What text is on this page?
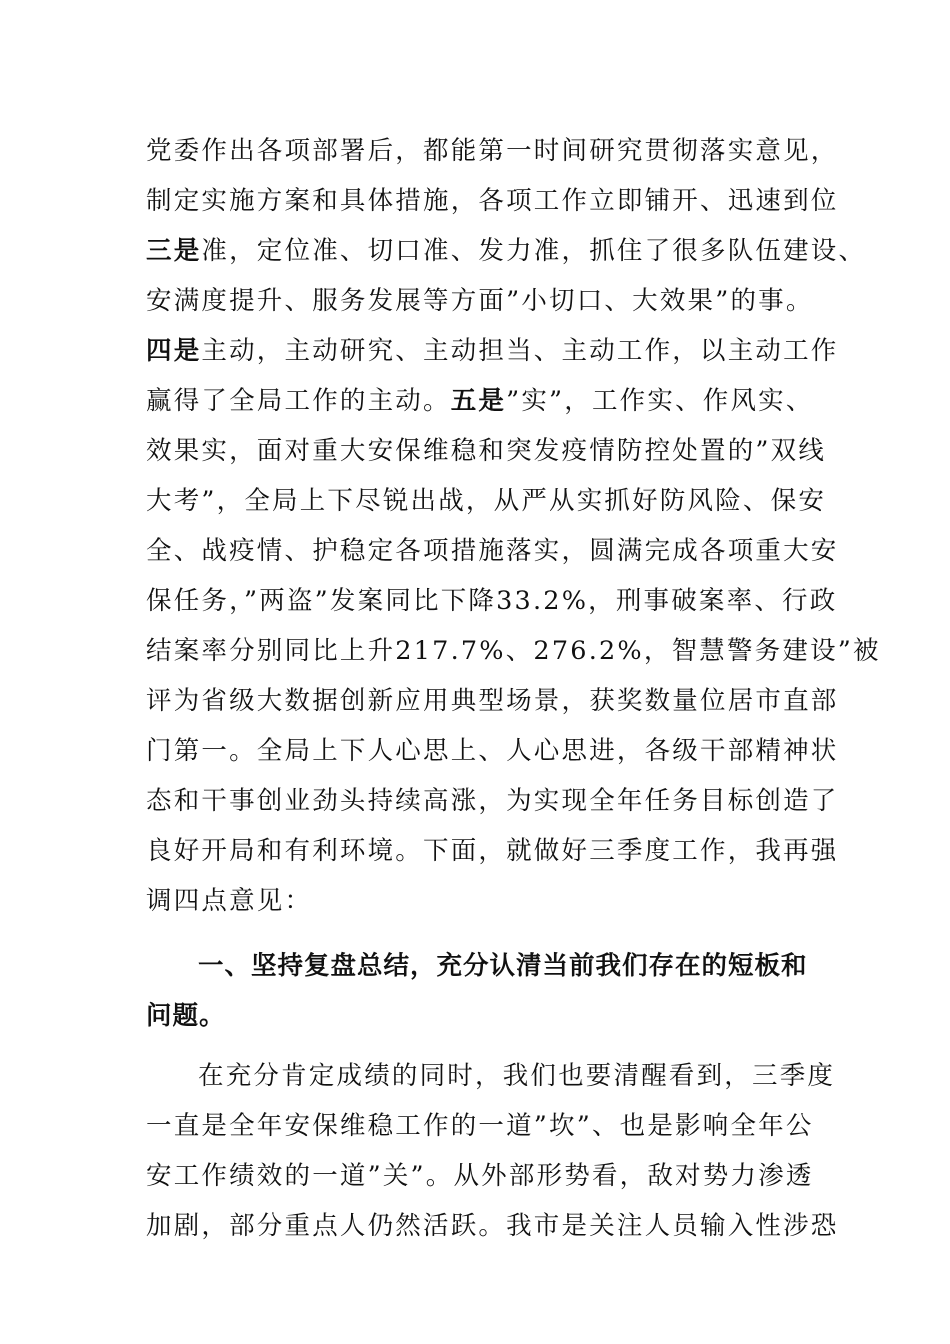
党委作出各项部署后，都能第一时间研究贯彻落实意见，
制定实施方案和具体措施，各项工作立即铺开、迅速到位
三是准，定位准、切口准、发力准，抓住了很多队伍建设、
安满度提升、服务发展等方面”小切口、大效果”的事。
四是主动，主动研究、主动担当、主动工作，以主动工作
赢得了全局工作的主动。五是”实”，工作实、作风实、
效果实，面对重大安保维稳和突发疫情防控处置的”双线
大考”，全局上下尽锐出战，从严从实抓好防风险、保安
全、战疫情、护稳定各项措施落实，圆满完成各项重大安
保任务，”两盗”发案同比下降33.2%，刑事破案率、行政
结案率分别同比上升217.7%、276.2%，智慧警务建设”被
评为省级大数据创新应用典型场景，获奖数量位居市直部
门第一。全局上下人心思上、人心思进，各级干部精神状
态和干事创业劲头持续高涨，为实现全年任务目标创造了
良好开局和有利环境。下面，就做好三季度工作，我再强
调四点意见：
一、坚持复盘总结，充分认清当前我们存在的短板和
问题。
在充分肯定成绩的同时，我们也要清醒看到，三季度
一直是全年安保维稳工作的一道”坎”、也是影响全年公
安工作绩效的一道”关”。从外部形势看，敌对势力渗透
加剧，部分重点人仍然活跃。我市是关注人员输入性涉恐
